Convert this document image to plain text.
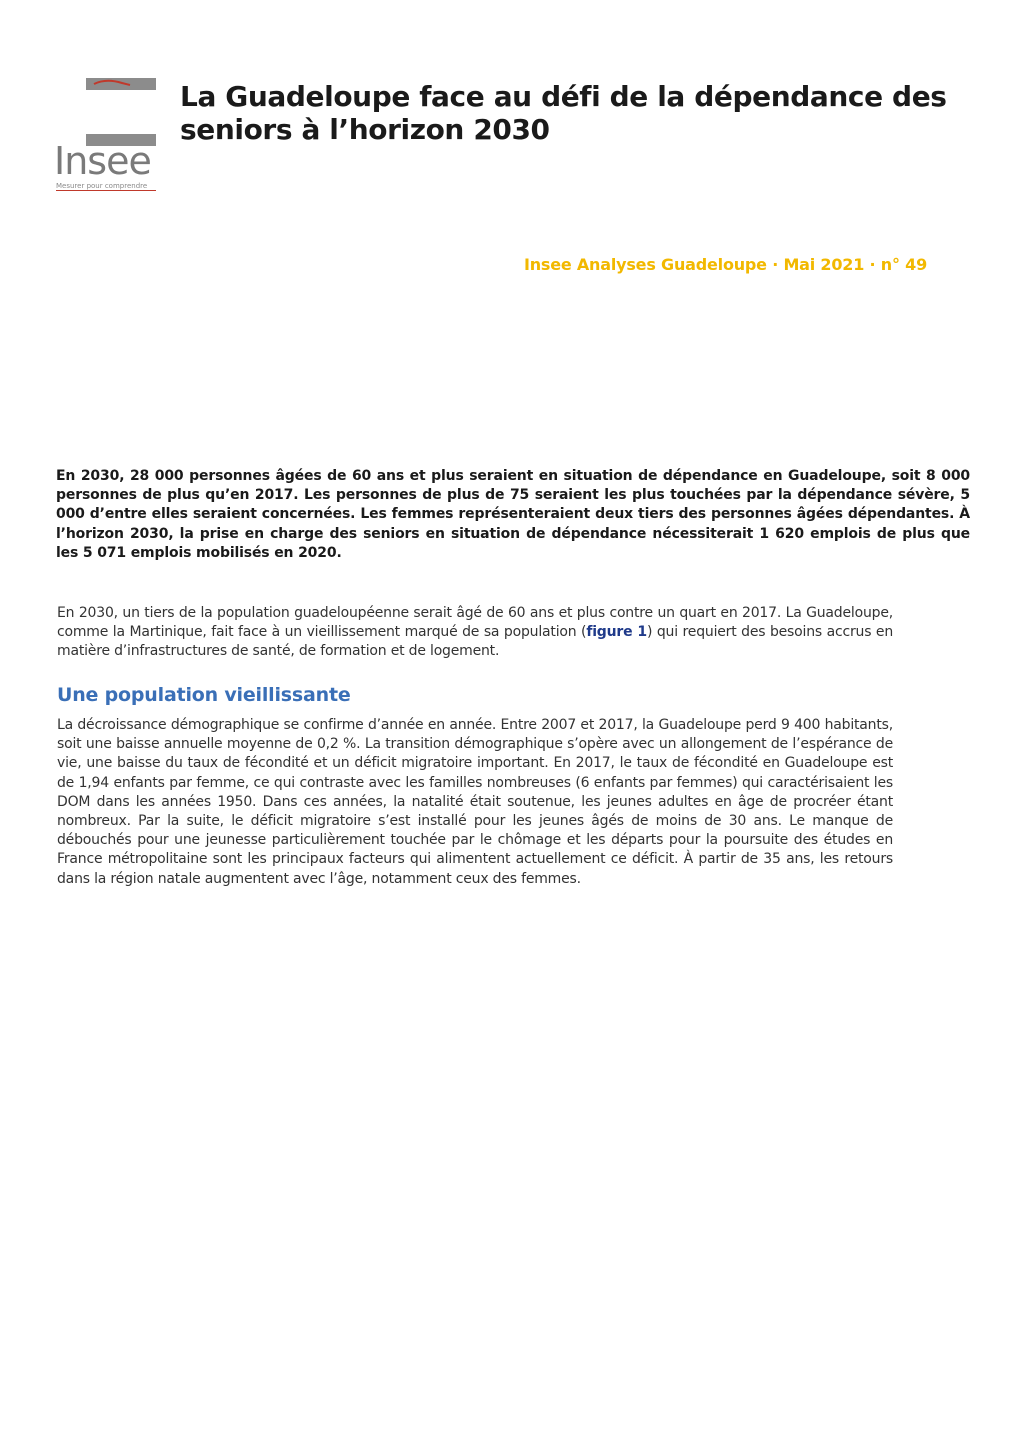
Insee
Mesurer pour comprendre
La Guadeloupe face au défi de la dépendance des seniors à l’horizon 2030
Insee Analyses Guadeloupe · Mai 2021 · n° 49

En 2030, 28 000 personnes âgées de 60 ans et plus seraient en situation de dépendance en Guadeloupe, soit 8 000 personnes de plus qu’en 2017. Les personnes de plus de 75 seraient les plus touchées par la dépendance sévère, 5 000 d’entre elles seraient concernées. Les femmes représenteraient deux tiers des personnes âgées dépendantes. À l’horizon 2030, la prise en charge des seniors en situation de dépendance nécessiterait 1 620 emplois de plus que les 5 071 emplois mobilisés en 2020.

En 2030, un tiers de la population guadeloupéenne serait âgé de 60 ans et plus contre un quart en 2017. La Guadeloupe, comme la Martinique, fait face à un vieillissement marqué de sa population (figure 1) qui requiert des besoins accrus en matière d’infrastructures de santé, de formation et de logement.

Une population vieillissante

La décroissance démographique se confirme d’année en année. Entre 2007 et 2017, la Guadeloupe perd 9 400 habitants, soit une baisse annuelle moyenne de 0,2 %. La transition démographique s’opère avec un allongement de l’espérance de vie, une baisse du taux de fécondité et un déficit migratoire important. En 2017, le taux de fécondité en Guadeloupe est de 1,94 enfants par femme, ce qui contraste avec les familles nombreuses (6 enfants par femmes) qui caractérisaient les DOM dans les années 1950. Dans ces années, la natalité était soutenue, les jeunes adultes en âge de procréer étant nombreux. Par la suite, le déficit migratoire s’est installé pour les jeunes âgés de moins de 30 ans. Le manque de débouchés pour une jeunesse particulièrement touchée par le chômage et les départs pour la poursuite des études en France métropolitaine sont les principaux facteurs qui alimentent actuellement ce déficit. À partir de 35 ans, les retours dans la région natale augmentent avec l’âge, notamment ceux des femmes.
